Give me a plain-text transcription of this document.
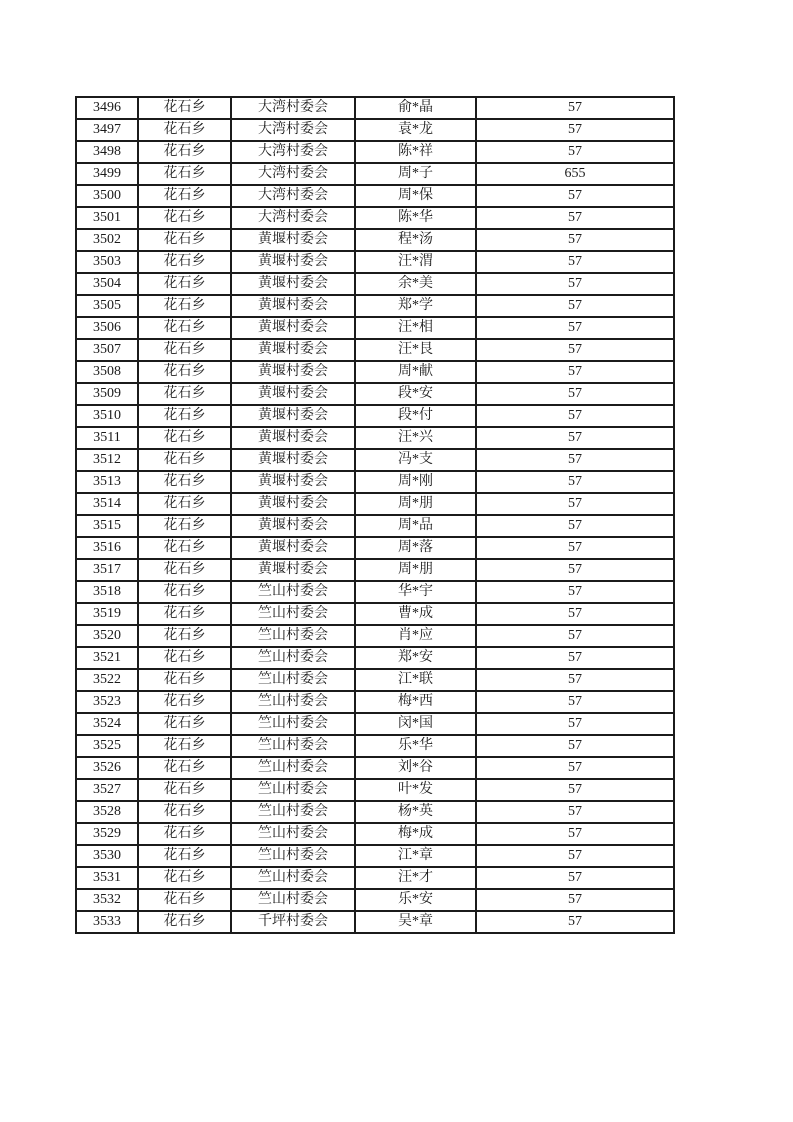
3496	花石乡	大湾村委会	俞*晶	57
3497	花石乡	大湾村委会	袁*龙	57
3498	花石乡	大湾村委会	陈*祥	57
3499	花石乡	大湾村委会	周*子	655
3500	花石乡	大湾村委会	周*保	57
3501	花石乡	大湾村委会	陈*华	57
3502	花石乡	黄堰村委会	程*汤	57
3503	花石乡	黄堰村委会	汪*渭	57
3504	花石乡	黄堰村委会	余*美	57
3505	花石乡	黄堰村委会	郑*学	57
3506	花石乡	黄堰村委会	汪*相	57
3507	花石乡	黄堰村委会	汪*艮	57
3508	花石乡	黄堰村委会	周*献	57
3509	花石乡	黄堰村委会	段*安	57
3510	花石乡	黄堰村委会	段*付	57
3511	花石乡	黄堰村委会	汪*兴	57
3512	花石乡	黄堰村委会	冯*支	57
3513	花石乡	黄堰村委会	周*刚	57
3514	花石乡	黄堰村委会	周*朋	57
3515	花石乡	黄堰村委会	周*品	57
3516	花石乡	黄堰村委会	周*落	57
3517	花石乡	黄堰村委会	周*朋	57
3518	花石乡	竺山村委会	华*宇	57
3519	花石乡	竺山村委会	曹*成	57
3520	花石乡	竺山村委会	肖*应	57
3521	花石乡	竺山村委会	郑*安	57
3522	花石乡	竺山村委会	江*联	57
3523	花石乡	竺山村委会	梅*西	57
3524	花石乡	竺山村委会	闵*国	57
3525	花石乡	竺山村委会	乐*华	57
3526	花石乡	竺山村委会	刘*谷	57
3527	花石乡	竺山村委会	叶*发	57
3528	花石乡	竺山村委会	杨*英	57
3529	花石乡	竺山村委会	梅*成	57
3530	花石乡	竺山村委会	江*章	57
3531	花石乡	竺山村委会	汪*才	57
3532	花石乡	竺山村委会	乐*安	57
3533	花石乡	千坪村委会	吴*章	57
